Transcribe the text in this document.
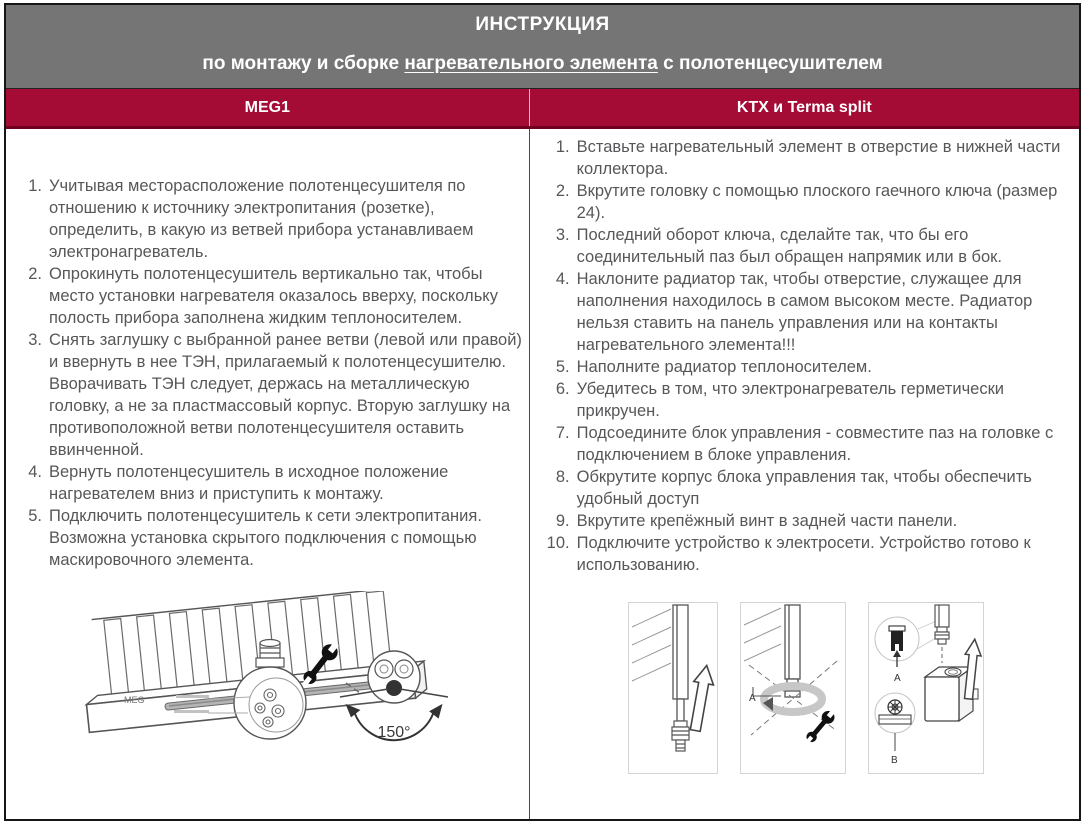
ИНСТРУКЦИЯ
по монтажу и сборке нагревательного элемента с полотенцесушителем
MEG1	KTX и Terma split
1. Учитывая месторасположение полотенцесушителя по отношению к источнику электропитания (розетке), определить, в какую из ветвей прибора устанавливаем электронагреватель.
2. Опрокинуть полотенцесушитель вертикально так, чтобы место установки нагревателя оказалось вверху, поскольку полость прибора заполнена жидким теплоносителем.
3. Снять заглушку с выбранной ранее ветви (левой или правой) и ввернуть в нее ТЭН, прилагаемый к полотенцесушителю. Вворачивать ТЭН следует, держась на металлическую головку, а не за пластмассовый корпус. Вторую заглушку на противоположной ветви полотенцесушителя оставить ввинченной.
4. Вернуть полотенцесушитель в исходное положение нагревателем вниз и приступить к монтажу.
5. Подключить полотенцесушитель к сети электропитания. Возможна установка скрытого подключения с помощью маскировочного элемента.
MEG
150°
1. Вставьте нагревательный элемент в отверстие в нижней части коллектора.
2. Вкрутите головку с помощью плоского гаечного ключа (размер 24).
3. Последний оборот ключа, сделайте так, что бы его соединительный паз был обращен напрямик или в бок.
4. Наклоните радиатор так, чтобы отверстие, служащее для наполнения находилось в самом высоком месте. Радиатор нельзя ставить на панель управления или на контакты нагревательного элемента!!!
5. Наполните радиатор теплоносителем.
6. Убедитесь в том, что электронагреватель герметически прикручен.
7. Подсоедините блок управления - совместите паз на головке с подключением в блоке управления.
8. Обкрутите корпус блока управления так, чтобы обеспечить удобный доступ
9. Вкрутите крепёжный винт в задней части панели.
10. Подключите устройство к электросети. Устройство готово к использованию.
A
A
B
